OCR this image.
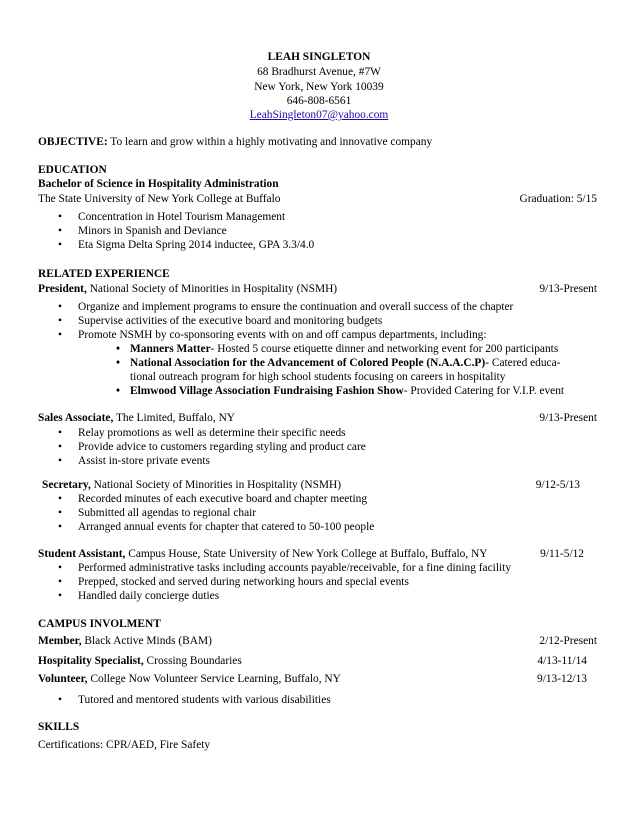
LEAH SINGLETON
68 Bradhurst Avenue, #7W
New York, New York 10039
646-808-6561
LeahSingleton07@yahoo.com
OBJECTIVE: To learn and grow within a highly motivating and innovative company
EDUCATION
Bachelor of Science in Hospitality Administration
The State University of New York College at Buffalo	Graduation: 5/15
• Concentration in Hotel Tourism Management
• Minors in Spanish and Deviance
• Eta Sigma Delta Spring 2014 inductee, GPA 3.3/4.0
RELATED EXPERIENCE
President, National Society of Minorities in Hospitality (NSMH)	9/13-Present
• Organize and implement programs to ensure the continuation and overall success of the chapter
• Supervise activities of the executive board and monitoring budgets
• Promote NSMH by co-sponsoring events with on and off campus departments, including:
• Manners Matter- Hosted 5 course etiquette dinner and networking event for 200 participants
• National Association for the Advancement of Colored People (N.A.A.C.P)- Catered educa-
tional outreach program for high school students focusing on careers in hospitality
• Elmwood Village Association Fundraising Fashion Show- Provided Catering for V.I.P. event
Sales Associate, The Limited, Buffalo, NY	9/13-Present
• Relay promotions as well as determine their specific needs
• Provide advice to customers regarding styling and product care
• Assist in-store private events
Secretary, National Society of Minorities in Hospitality (NSMH)	9/12-5/13
• Recorded minutes of each executive board and chapter meeting
• Submitted all agendas to regional chair
• Arranged annual events for chapter that catered to 50-100 people
Student Assistant, Campus House, State University of New York College at Buffalo, Buffalo, NY	9/11-5/12
• Performed administrative tasks including accounts payable/receivable, for a fine dining facility
• Prepped, stocked and served during networking hours and special events
• Handled daily concierge duties
CAMPUS INVOLMENT
Member, Black Active Minds (BAM)	2/12-Present
Hospitality Specialist, Crossing Boundaries	4/13-11/14
Volunteer, College Now Volunteer Service Learning, Buffalo, NY	9/13-12/13
• Tutored and mentored students with various disabilities
SKILLS
Certifications: CPR/AED, Fire Safety
